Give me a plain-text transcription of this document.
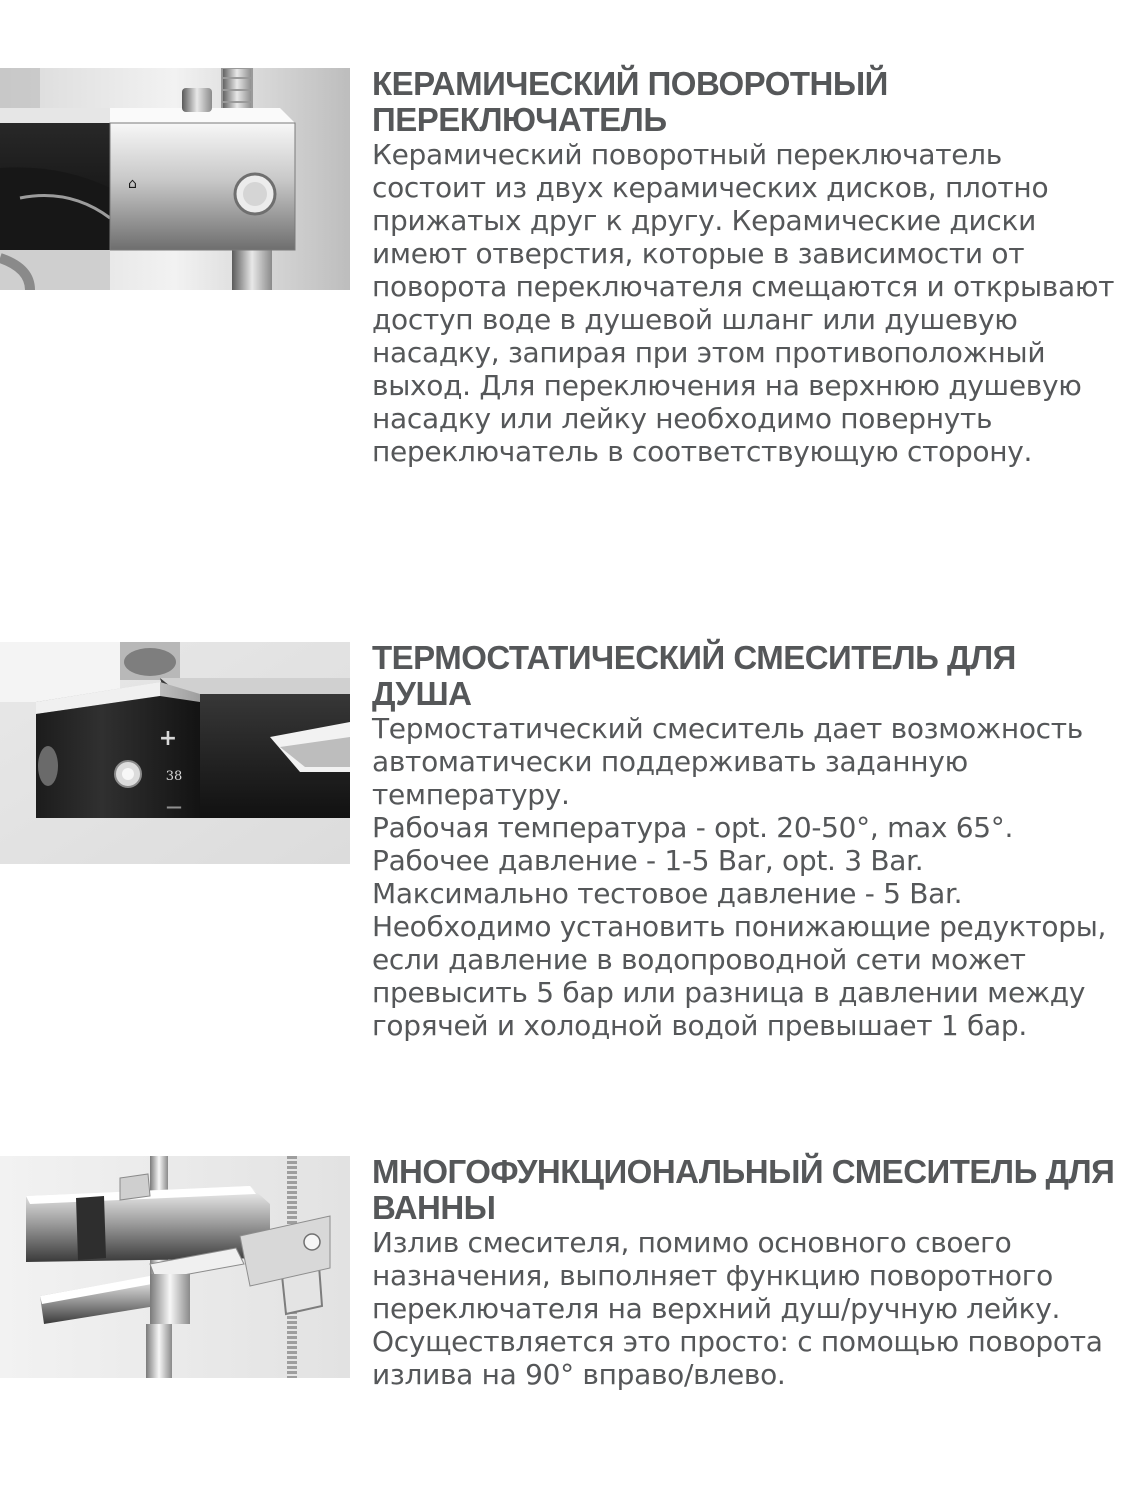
⌂
КЕРАМИЧЕСКИЙ ПОВОРОТНЫЙ ПЕРЕКЛЮЧАТЕЛЬ

Керамический поворотный переключатель состоит из двух керамических дисков, плотно прижатых друг к другу. Керамические диски имеют отверстия, которые в зависимости от поворота переключателя смещаются и открывают доступ воде в душевой шланг или душевую насадку, запирая при этом противоположный выход. Для переключения на верхнюю душевую насадку или лейку необходимо повернуть переключатель в соответствующую сторону.

+
38
—
ТЕРМОСТАТИЧЕСКИЙ СМЕСИТЕЛЬ ДЛЯ ДУША

Термостатический смеситель дает возможность автоматически поддерживать заданную температуру.

Рабочая температура - opt. 20-50°, max 65°.

Рабочее давление - 1-5 Bar, opt. 3 Bar.

Максимально тестовое давление - 5 Bar.

Необходимо установить понижающие редукторы, если давление в водопроводной сети может превысить 5 бар или разница в давлении между горячей и холодной водой превышает 1 бар.

МНОГОФУНКЦИОНАЛЬНЫЙ СМЕСИТЕЛЬ ДЛЯ ВАННЫ

Излив смесителя, помимо основного своего назначения, выполняет функцию поворотного переключателя на верхний душ/ручную лейку. Осуществляется это просто: с помощью поворота излива на 90° вправо/влево.
